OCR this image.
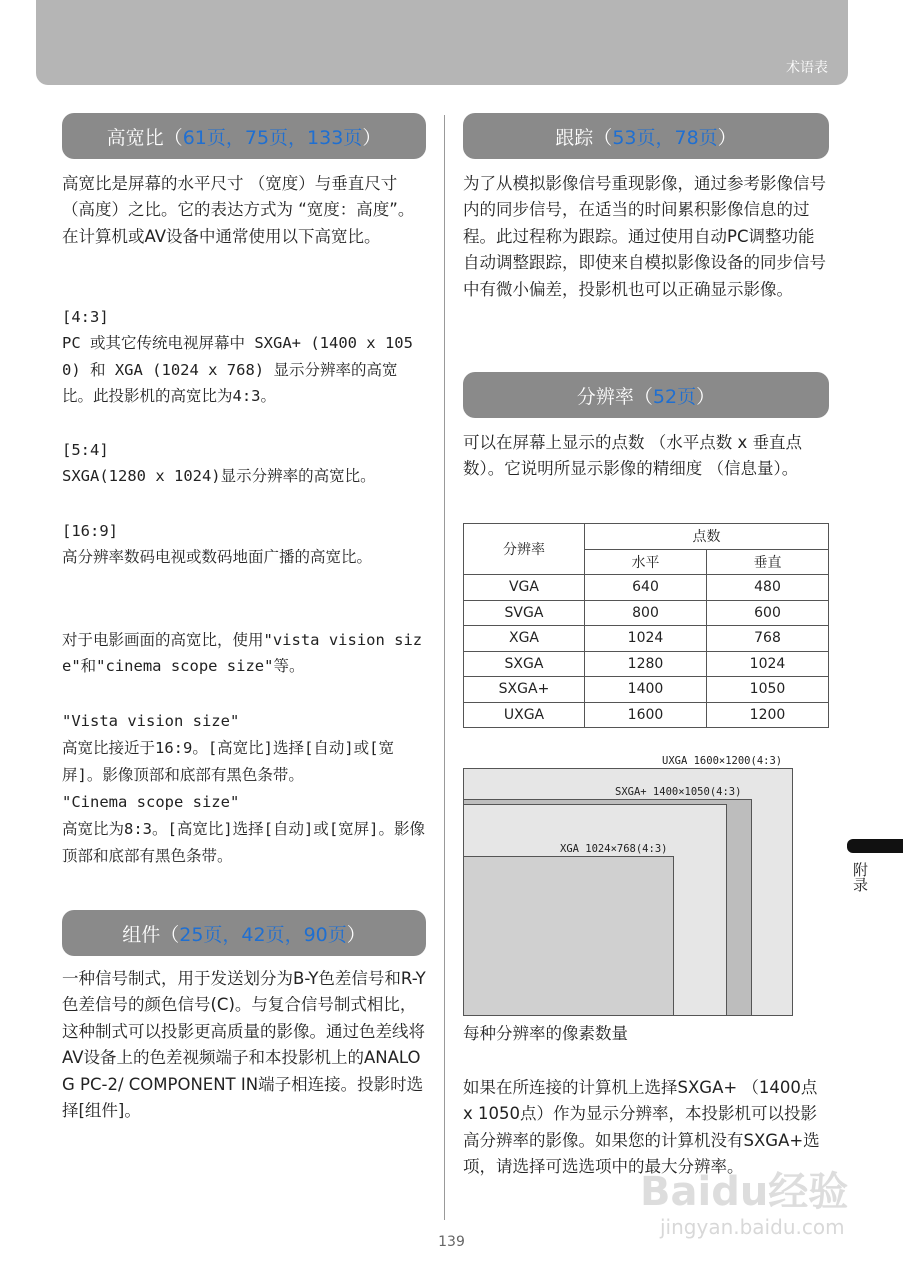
术语表
高宽比（ 61页，75页，133页 ）
高宽比是屏幕的水平尺寸 （宽度）与垂直尺寸 （高度）之比。它的表达方式为 “宽度：高度”。
在计算机或AV设备中通常使用以下高宽比。
[4:3]
PC 或其它传统电视屏幕中 SXGA+ (1400 x 1050) 和 XGA (1024 x 768) 显示分辨率的高宽比。此投影机的高宽比为4:3。
[5:4]
SXGA(1280 x 1024)显示分辨率的高宽比。
[16:9]
高分辨率数码电视或数码地面广播的高宽比。
对于电影画面的高宽比，使用"vista vision size"和"cinema scope size"等。
"Vista vision size"
高宽比接近于16:9。[高宽比]选择[自动]或[宽屏]。影像顶部和底部有黑色条带。
"Cinema scope size"
高宽比为8:3。[高宽比]选择[自动]或[宽屏]。影像顶部和底部有黑色条带。
组件（ 25页，42页，90页 ）
一种信号制式，用于发送划分为B-Y色差信号和R-Y色差信号的颜色信号(C)。与复合信号制式相比，这种制式可以投影更高质量的影像。通过色差线将AV设备上的色差视频端子和本投影机上的ANALOG PC-2/ COMPONENT IN端子相连接。投影时选择[组件]。
跟踪（ 53页，78页 ）
为了从模拟影像信号重现影像，通过参考影像信号内的同步信号，在适当的时间累积影像信息的过程。此过程称为跟踪。通过使用自动PC调整功能自动调整跟踪，即使来自模拟影像设备的同步信号中有微小偏差，投影机也可以正确显示影像。
分辨率（ 52页 ）
可以在屏幕上显示的点数 （水平点数 x 垂直点数）。它说明所显示影像的精细度 （信息量）。
分辨率	点数	
	水平	垂直
VGA	640	480
SVGA	800	600
XGA	1024	768
SXGA	1280	1024
SXGA+	1400	1050
UXGA	1600	1200
UXGA 1600×1200(4:3)
SXGA+ 1400×1050(4:3)
XGA 1024×768(4:3)
每种分辨率的像素数量
如果在所连接的计算机上选择SXGA+ （1400点 x 1050点）作为显示分辨率，本投影机可以投影高分辨率的影像。如果您的计算机没有SXGA+选项，请选择可选选项中的最大分辨率。
附录
Baidu经验
jingyan.baidu.com
139
